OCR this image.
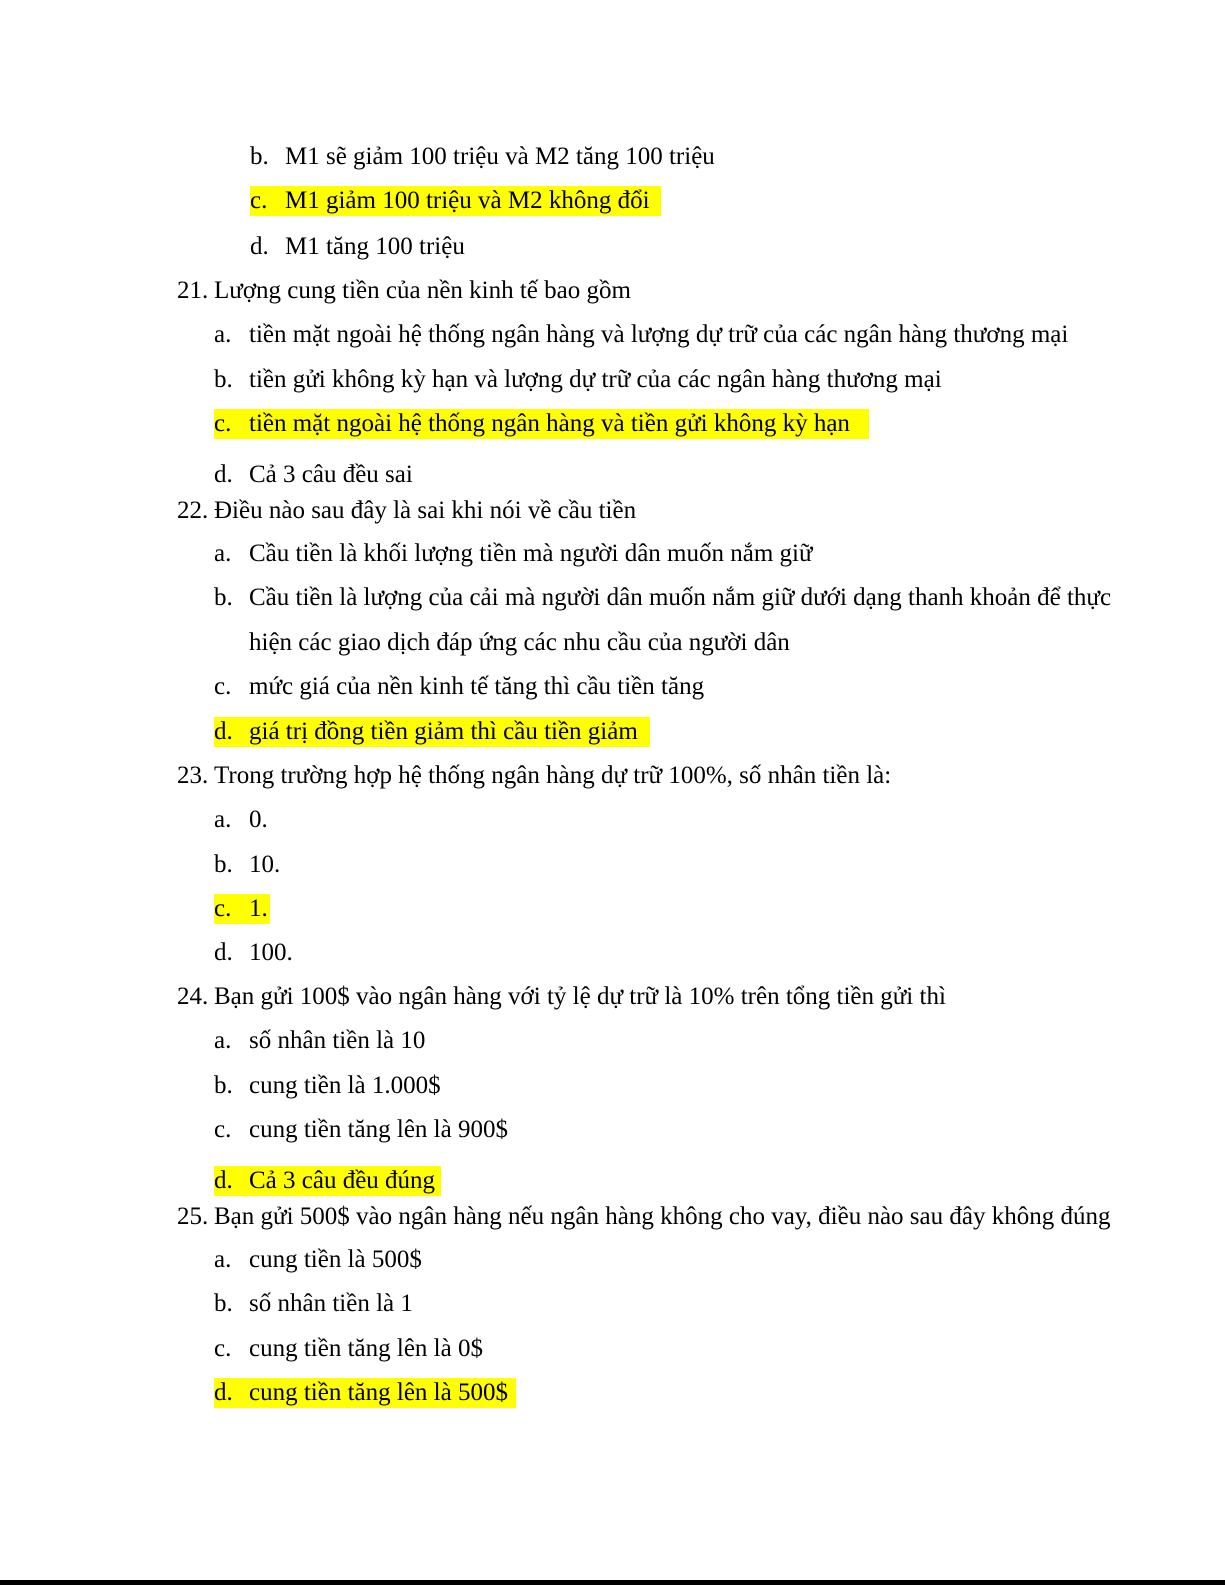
b. M1 sẽ giảm 100 triệu và M2 tăng 100 triệu
c. M1 giảm 100 triệu và M2 không đổi
d. M1 tăng 100 triệu
21. Lượng cung tiền của nền kinh tế bao gồm
a. tiền mặt ngoài hệ thống ngân hàng và lượng dự trữ của các ngân hàng thương mại
b. tiền gửi không kỳ hạn và lượng dự trữ của các ngân hàng thương mại
c. tiền mặt ngoài hệ thống ngân hàng và tiền gửi không kỳ hạn
d. Cả 3 câu đều sai
22. Điều nào sau đây là sai khi nói về cầu tiền
a. Cầu tiền là khối lượng tiền mà người dân muốn nắm giữ
b. Cầu tiền là lượng của cải mà người dân muốn nắm giữ dưới dạng thanh khoản để thực
hiện các giao dịch đáp ứng các nhu cầu của người dân
c. mức giá của nền kinh tế tăng thì cầu tiền tăng
d. giá trị đồng tiền giảm thì cầu tiền giảm
23. Trong trường hợp hệ thống ngân hàng dự trữ 100%, số nhân tiền là:
a. 0.
b. 10.
c. 1.
d. 100.
24. Bạn gửi 100$ vào ngân hàng với tỷ lệ dự trữ là 10% trên tổng tiền gửi thì
a. số nhân tiền là 10
b. cung tiền là 1.000$
c. cung tiền tăng lên là 900$
d. Cả 3 câu đều đúng
25. Bạn gửi 500$ vào ngân hàng nếu ngân hàng không cho vay, điều nào sau đây không đúng
a. cung tiền là 500$
b. số nhân tiền là 1
c. cung tiền tăng lên là 0$
d. cung tiền tăng lên là 500$
